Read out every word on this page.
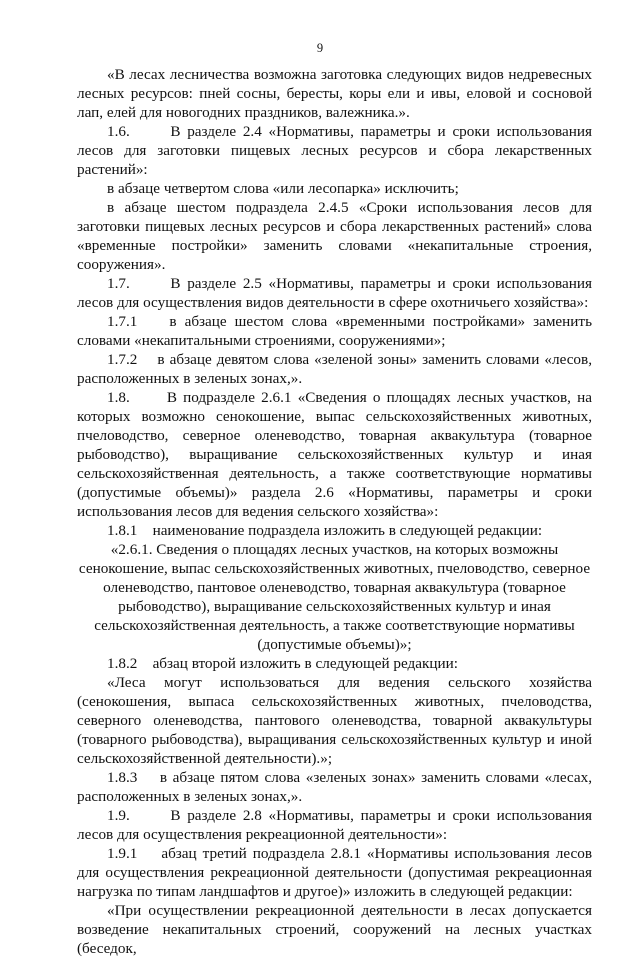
9

«В лесах лесничества возможна заготовка следующих видов недревесных лесных ресурсов: пней сосны, бересты, коры ели и ивы, еловой и сосновой лап, елей для новогодних праздников, валежника.».

1.6.      В разделе 2.4 «Нормативы, параметры и сроки использования лесов для заготовки пищевых лесных ресурсов и сбора лекарственных растений»:

в абзаце четвертом слова «или лесопарка» исключить;

в абзаце шестом подраздела 2.4.5 «Сроки использования лесов для заготовки пищевых лесных ресурсов и сбора лекарственных растений» слова «временные постройки» заменить словами «некапитальные строения, сооружения».

1.7.      В разделе 2.5 «Нормативы, параметры и сроки использования лесов для осуществления видов деятельности в сфере охотничьего хозяйства»:

1.7.1    в абзаце шестом слова «временными постройками» заменить словами «некапитальными строениями, сооружениями»;

1.7.2    в абзаце девятом слова «зеленой зоны» заменить словами «лесов, расположенных в зеленых зонах,».

1.8.      В подразделе 2.6.1 «Сведения о площадях лесных участков, на которых возможно сенокошение, выпас сельскохозяйственных животных, пчеловодство, северное оленеводство, товарная аквакультура (товарное рыбоводство), выращивание сельскохозяйственных культур и иная сельскохозяйственная деятельность, а также соответствующие нормативы (допустимые объемы)» раздела 2.6 «Нормативы, параметры и сроки использования лесов для ведения сельского хозяйства»:

1.8.1    наименование подраздела изложить в следующей редакции:

«2.6.1. Сведения о площадях лесных участков, на которых возможны сенокошение, выпас сельскохозяйственных животных, пчеловодство, северное оленеводство, пантовое оленеводство, товарная аквакультура (товарное рыбоводство), выращивание сельскохозяйственных культур и иная сельскохозяйственная деятельность, а также соответствующие нормативы (допустимые объемы)»;

1.8.2    абзац второй изложить в следующей редакции:

«Леса могут использоваться для ведения сельского хозяйства (сенокошения, выпаса сельскохозяйственных животных, пчеловодства, северного оленеводства, пантового оленеводства, товарной аквакультуры (товарного рыбоводства), выращивания сельскохозяйственных культур и иной сельскохозяйственной деятельности).»;

1.8.3    в абзаце пятом слова «зеленых зонах» заменить словами «лесах, расположенных в зеленых зонах,».

1.9.      В разделе 2.8 «Нормативы, параметры и сроки использования лесов для осуществления рекреационной деятельности»:

1.9.1    абзац третий подраздела 2.8.1 «Нормативы использования лесов для осуществления рекреационной деятельности (допустимая рекреационная нагрузка по типам ландшафтов и другое)» изложить в следующей редакции:

«При осуществлении рекреационной деятельности в лесах допускается возведение некапитальных строений, сооружений на лесных участках (беседок,
